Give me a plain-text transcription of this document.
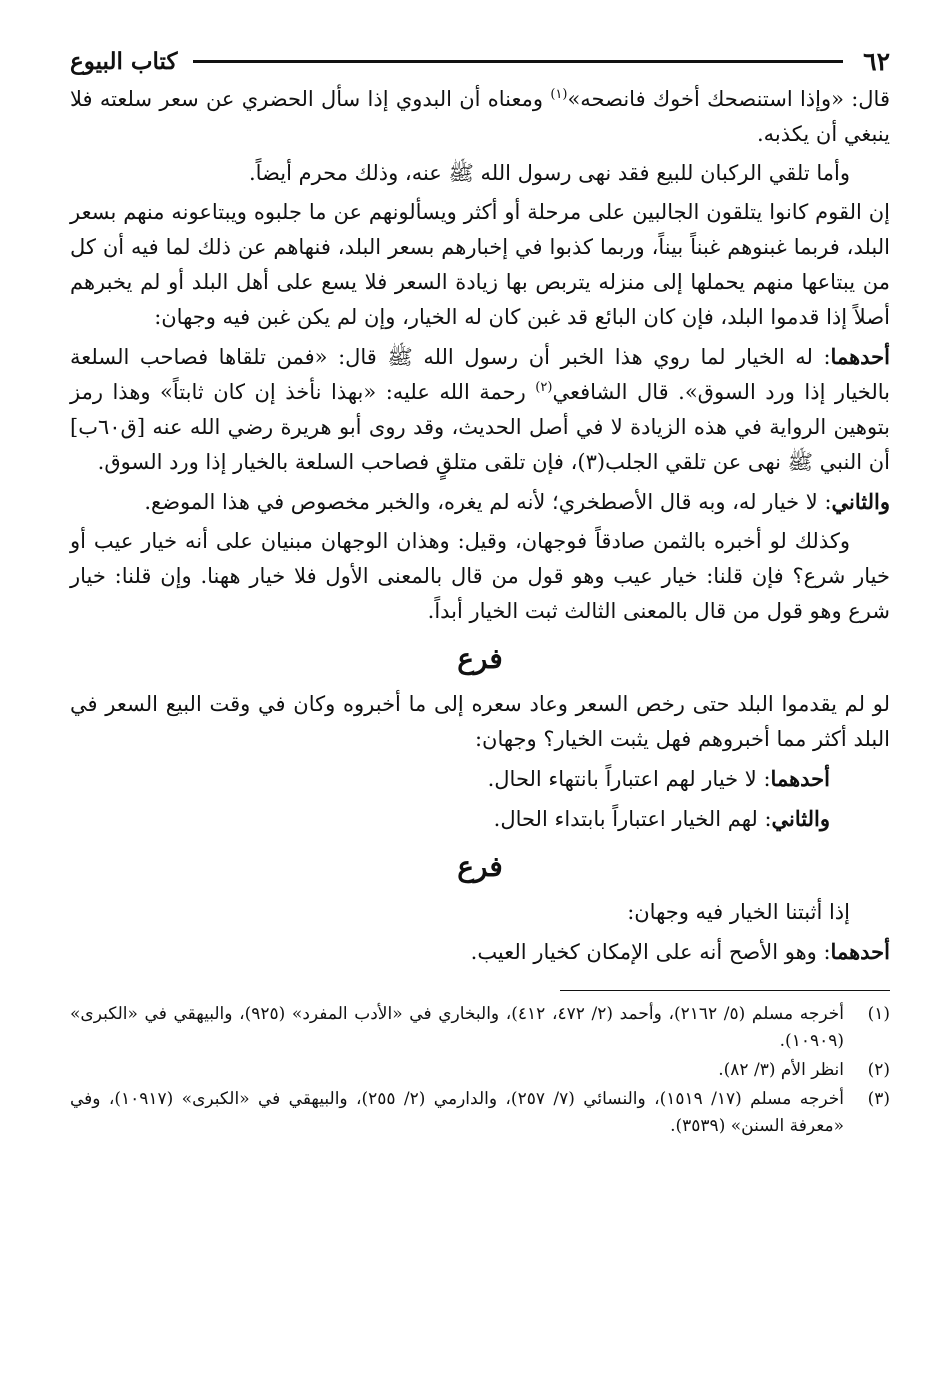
٦٢
كتاب البيوع

قال: «وإذا استنصحك أخوك فانصحه»$^{(١)}$ ومعناه أن البدوي إذا سأل الحضري عن سعر سلعته فلا ينبغي أن يكذبه.

وأما تلقي الركبان للبيع فقد نهى رسول الله ﷺ عنه، وذلك محرم أيضاً.

إن القوم كانوا يتلقون الجالبين على مرحلة أو أكثر ويسألونهم عن ما جلبوه ويبتاعونه منهم بسعر البلد، فربما غبنوهم غبناً بيناً، وربما كذبوا في إخبارهم بسعر البلد، فنهاهم عن ذلك لما فيه أن كل من يبتاعها منهم يحملها إلى منزله يتربص بها زيادة السعر فلا يسع على أهل البلد أو لم يخبرهم أصلاً إذا قدموا البلد، فإن كان البائع قد غبن كان له الخيار، وإن لم يكن غبن فيه وجهان:

أحدهما: له الخيار لما روي هذا الخبر أن رسول الله ﷺ قال: «فمن تلقاها فصاحب السلعة بالخيار إذا ورد السوق». قال الشافعي$^{(٢)}$ رحمة الله عليه: «بهذا نأخذ إن كان ثابتاً» وهذا رمز بتوهين الرواية في هذه الزيادة لا في أصل الحديث، وقد روى أبو هريرة رضي الله عنه [ق٦٠ب] أن النبي ﷺ نهى عن تلقي الجلب(٣)، فإن تلقى متلقٍ فصاحب السلعة بالخيار إذا ورد السوق.

والثاني: لا خيار له، وبه قال الأصطخري؛ لأنه لم يغره، والخبر مخصوص في هذا الموضع.

وكذلك لو أخبره بالثمن صادقاً فوجهان، وقيل: وهذان الوجهان مبنيان على أنه خيار عيب أو خيار شرع؟ فإن قلنا: خيار عيب وهو قول من قال بالمعنى الأول فلا خيار ههنا. وإن قلنا: خيار شرع وهو قول من قال بالمعنى الثالث ثبت الخيار أبداً.

فرع

لو لم يقدموا البلد حتى رخص السعر وعاد سعره إلى ما أخبروه وكان في وقت البيع السعر في البلد أكثر مما أخبروهم فهل يثبت الخيار؟ وجهان:

أحدهما: لا خيار لهم اعتباراً بانتهاء الحال.

والثاني: لهم الخيار اعتباراً بابتداء الحال.

فرع

إذا أثبتنا الخيار فيه وجهان:

أحدهما: وهو الأصح أنه على الإمكان كخيار العيب.

(١)
أخرجه مسلم (٥/ ٢١٦٢)، وأحمد (٢/ ٤٧٢، ٤١٢)، والبخاري في «الأدب المفرد» (٩٢٥)، والبيهقي في «الكبرى» (١٠٩٠٩).
(٢)
انظر الأم (٣/ ٨٢).
(٣)
أخرجه مسلم (١٧/ ١٥١٩)، والنسائي (٧/ ٢٥٧)، والدارمي (٢/ ٢٥٥)، والبيهقي في «الكبرى» (١٠٩١٧)، وفي «معرفة السنن» (٣٥٣٩).
